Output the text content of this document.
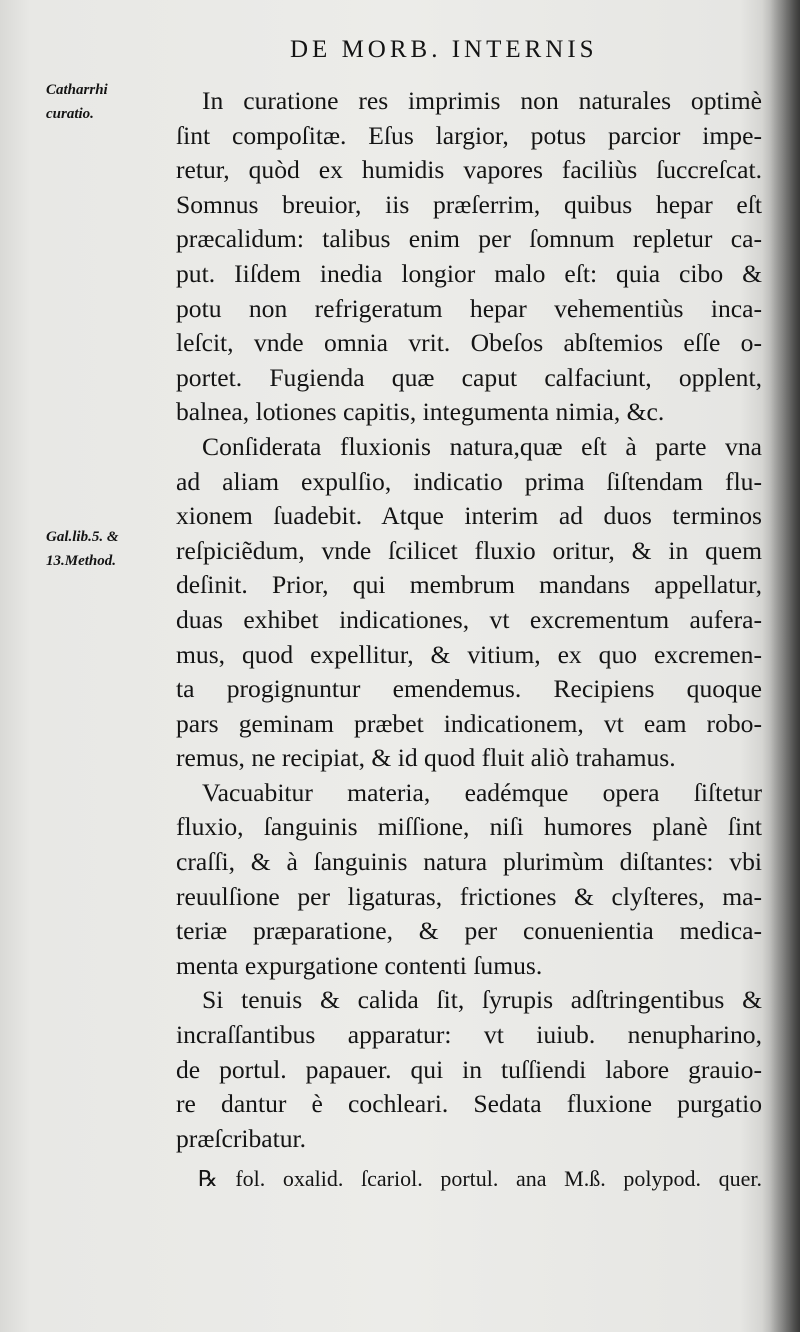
DE MORB. INTERNIS
Catharrhi
curatio.
Gal.lib.5. &
13.Method.
In curatione res imprimis non naturales optimè
ſint compoſitæ. Eſus largior, potus parcior impe-
retur, quòd ex humidis vapores faciliùs ſuccreſcat.
Somnus breuior, iis præſerrim, quibus hepar eſt
præcalidum: talibus enim per ſomnum repletur ca-
put. Iiſdem inedia longior malo eſt: quia cibo &
potu non refrigeratum hepar vehementiùs inca-
leſcit, vnde omnia vrit. Obeſos abſtemios eſſe o-
portet. Fugienda quæ caput calfaciunt, opplent,
balnea, lotiones capitis, integumenta nimia, &c.
Conſiderata fluxionis natura,quæ eſt à parte vna
ad aliam expulſio, indicatio prima ſiſtendam flu-
xionem ſuadebit. Atque interim ad duos terminos
reſpiciẽdum, vnde ſcilicet fluxio oritur, & in quem
deſinit. Prior, qui membrum mandans appellatur,
duas exhibet indicationes, vt excrementum aufera-
mus, quod expellitur, & vitium, ex quo excremen-
ta progignuntur emendemus. Recipiens quoque
pars geminam præbet indicationem, vt eam robo-
remus, ne recipiat, & id quod fluit aliò trahamus.
Vacuabitur materia, eadémque opera ſiſtetur
fluxio, ſanguinis miſſione, niſi humores planè ſint
craſſi, & à ſanguinis natura plurimùm diſtantes: vbi
reuulſione per ligaturas, frictiones & clyſteres, ma-
teriæ præparatione, & per conuenientia medica-
menta expurgatione contenti ſumus.
Si tenuis & calida ſit, ſyrupis adſtringentibus &
incraſſantibus apparatur: vt iuiub. nenupharino,
de portul. papauer. qui in tuſſiendi labore grauio-
re dantur è cochleari. Sedata fluxione purgatio
præſcribatur.
℞ fol. oxalid. ſcariol. portul. ana M.ß. polypod. quer.
